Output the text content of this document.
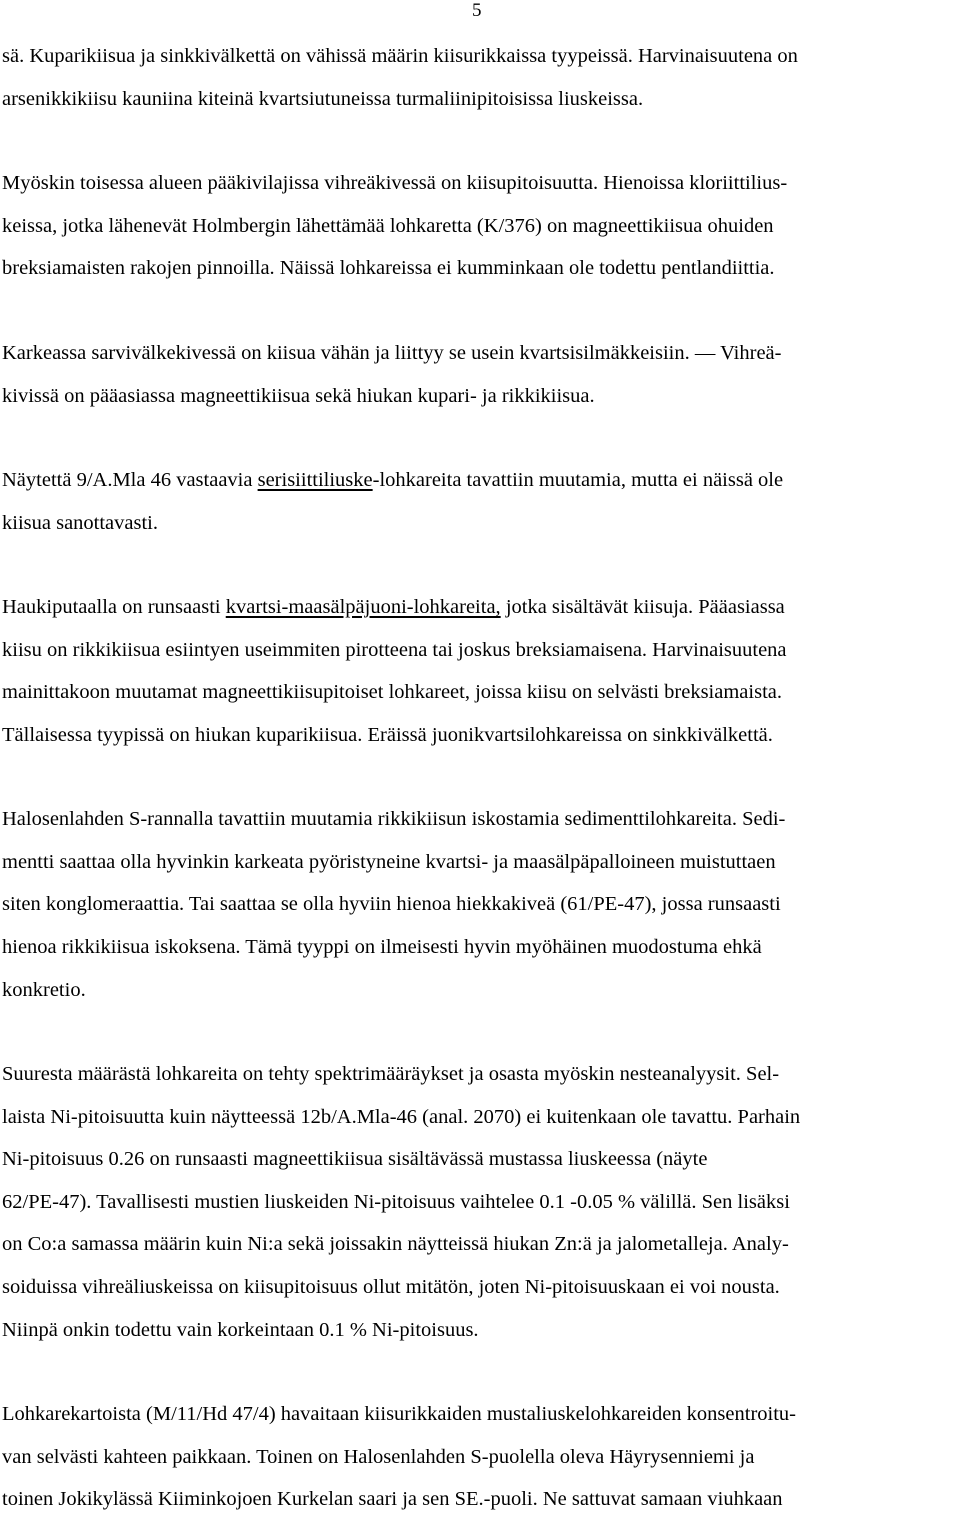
5
sä. Kuparikiisua ja sinkkivälkettä on vähissä määrin kiisurikkaissa tyypeissä. Harvinaisuutena on
arsenikkikiisu kauniina kiteinä kvartsiutuneissa turmaliinipitoisissa liuskeissa.
Myöskin toisessa alueen pääkivilajissa vihreäkivessä on kiisupitoisuutta. Hienoissa kloriittilius-
keissa, jotka lähenevät Holmbergin lähettämää lohkaretta (K/376) on magneettikiisua ohuiden
breksiamaisten rakojen pinnoilla. Näissä lohkareissa ei kumminkaan ole todettu pentlandiittia.
Karkeassa sarvivälkekivessä on kiisua vähän ja liittyy se usein kvartsisilmäkkeisiin. — Vihreä-
kivissä on pääasiassa magneettikiisua sekä hiukan kupari- ja rikkikiisua.
Näytettä 9/A.Mla 46 vastaavia serisiittiliuske-lohkareita tavattiin muutamia, mutta ei näissä ole
kiisua sanottavasti.
Haukiputaalla on runsaasti kvartsi-maasälpäjuoni-lohkareita, jotka sisältävät kiisuja. Pääasiassa
kiisu on rikkikiisua esiintyen useimmiten pirotteena tai joskus breksiamaisena. Harvinaisuutena
mainittakoon muutamat magneettikiisupitoiset lohkareet, joissa kiisu on selvästi breksiamaista.
Tällaisessa tyypissä on hiukan kuparikiisua. Eräissä juonikvartsilohkareissa on sinkkivälkettä.
Halosenlahden S-rannalla tavattiin muutamia rikkikiisun iskostamia sedimenttilohkareita. Sedi-
mentti saattaa olla hyvinkin karkeata pyöristyneine kvartsi- ja maasälpäpalloineen muistuttaen
siten konglomeraattia. Tai saattaa se olla hyviin hienoa hiekkakiveä (61/PE-47), jossa runsaasti
hienoa rikkikiisua iskoksena. Tämä tyyppi on ilmeisesti hyvin myöhäinen muodostuma ehkä
konkretio.
Suuresta määrästä lohkareita on tehty spektrimääräykset ja osasta myöskin nesteanalyysit. Sel-
laista Ni-pitoisuutta kuin näytteessä 12b/A.Mla-46 (anal. 2070) ei kuitenkaan ole tavattu. Parhain
Ni-pitoisuus 0.26 on runsaasti magneettikiisua sisältävässä mustassa liuskeessa (näyte
62/PE-47). Tavallisesti mustien liuskeiden Ni-pitoisuus vaihtelee 0.1 -0.05 % välillä. Sen lisäksi
on Co:a samassa määrin kuin Ni:a sekä joissakin näytteissä hiukan Zn:ä ja jalometalleja. Analy-
soiduissa vihreäliuskeissa on kiisupitoisuus ollut mitätön, joten Ni-pitoisuuskaan ei voi nousta.
Niinpä onkin todettu vain korkeintaan 0.1 % Ni-pitoisuus.
Lohkarekartoista (M/11/Hd 47/4) havaitaan kiisurikkaiden mustaliuskelohkareiden konsentroitu-
van selvästi kahteen paikkaan. Toinen on Halosenlahden S-puolella oleva Häyrysenniemi ja
toinen Jokikylässä Kiiminkojoen Kurkelan saari ja sen SE.-puoli. Ne sattuvat samaan viuhkaan
